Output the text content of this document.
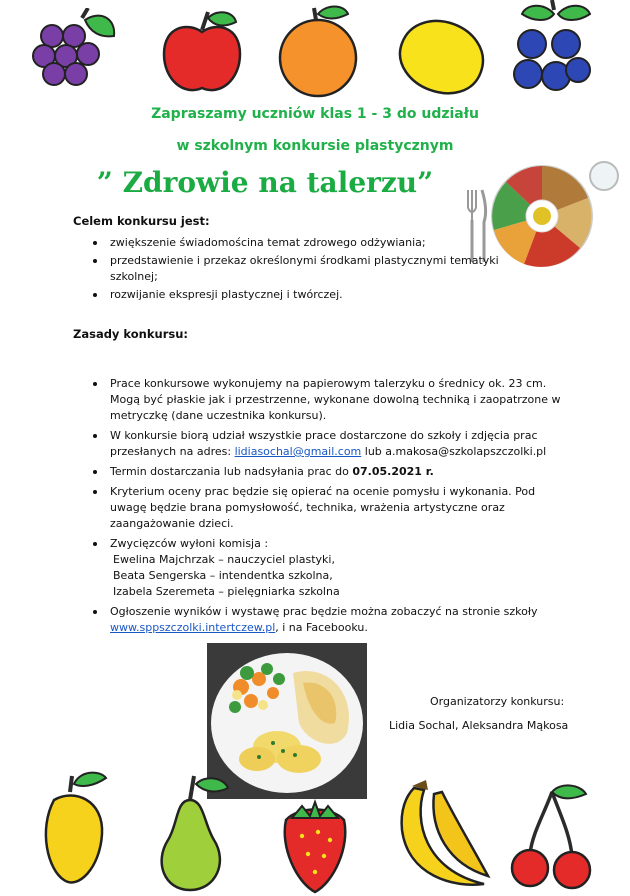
Zapraszamy uczniów klas 1 - 3 do udziału
w szkolnym konkursie plastycznym
” Zdrowie na talerzu”
Celem konkursu jest:
zwiększenie świadomościna temat zdrowego odżywiania;
przedstawienie i przekaz określonymi środkami plastycznymi tematyki szkolnej;
rozwijanie ekspresji plastycznej i twórczej.
Zasady konkursu:
Prace konkursowe wykonujemy na papierowym talerzyku o średnicy ok. 23 cm. Mogą być płaskie jak i przestrzenne, wykonane dowolną techniką i zaopatrzone w metryczkę (dane uczestnika konkursu).
W konkursie biorą udział wszystkie prace dostarczone do szkoły i zdjęcia prac przesłanych na adres: lidiasochal@gmail.com lub a.makosa@szkolapszczolki.pl
Termin dostarczania lub nadsyłania prac do 07.05.2021 r.
Kryterium oceny prac będzie się opierać na ocenie pomysłu i wykonania. Pod uwagę będzie brana pomysłowość, technika, wrażenia artystyczne oraz zaangażowanie dzieci.
Zwycięzców wyłoni komisja :
Ewelina Majchrzak – nauczyciel plastyki,
Beata Sengerska – intendentka szkolna,
Izabela Szeremeta – pielęgniarka szkolna
Ogłoszenie wyników i wystawę prac będzie można zobaczyć na stronie szkoły www.sppszczolki.intertczew.pl, i na Facebooku.
Organizatorzy konkursu:
Lidia Sochal, Aleksandra Mąkosa
